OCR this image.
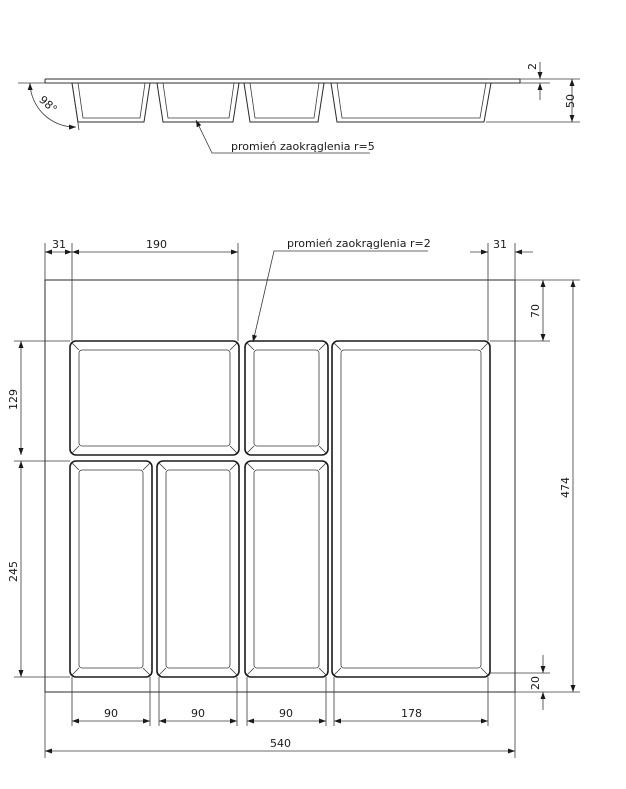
98°
promień zaokrąglenia r=5
2
50
31	190	31
promień zaokrąglenia r=2
129
245
70
474
20
90	90	90	178
540
